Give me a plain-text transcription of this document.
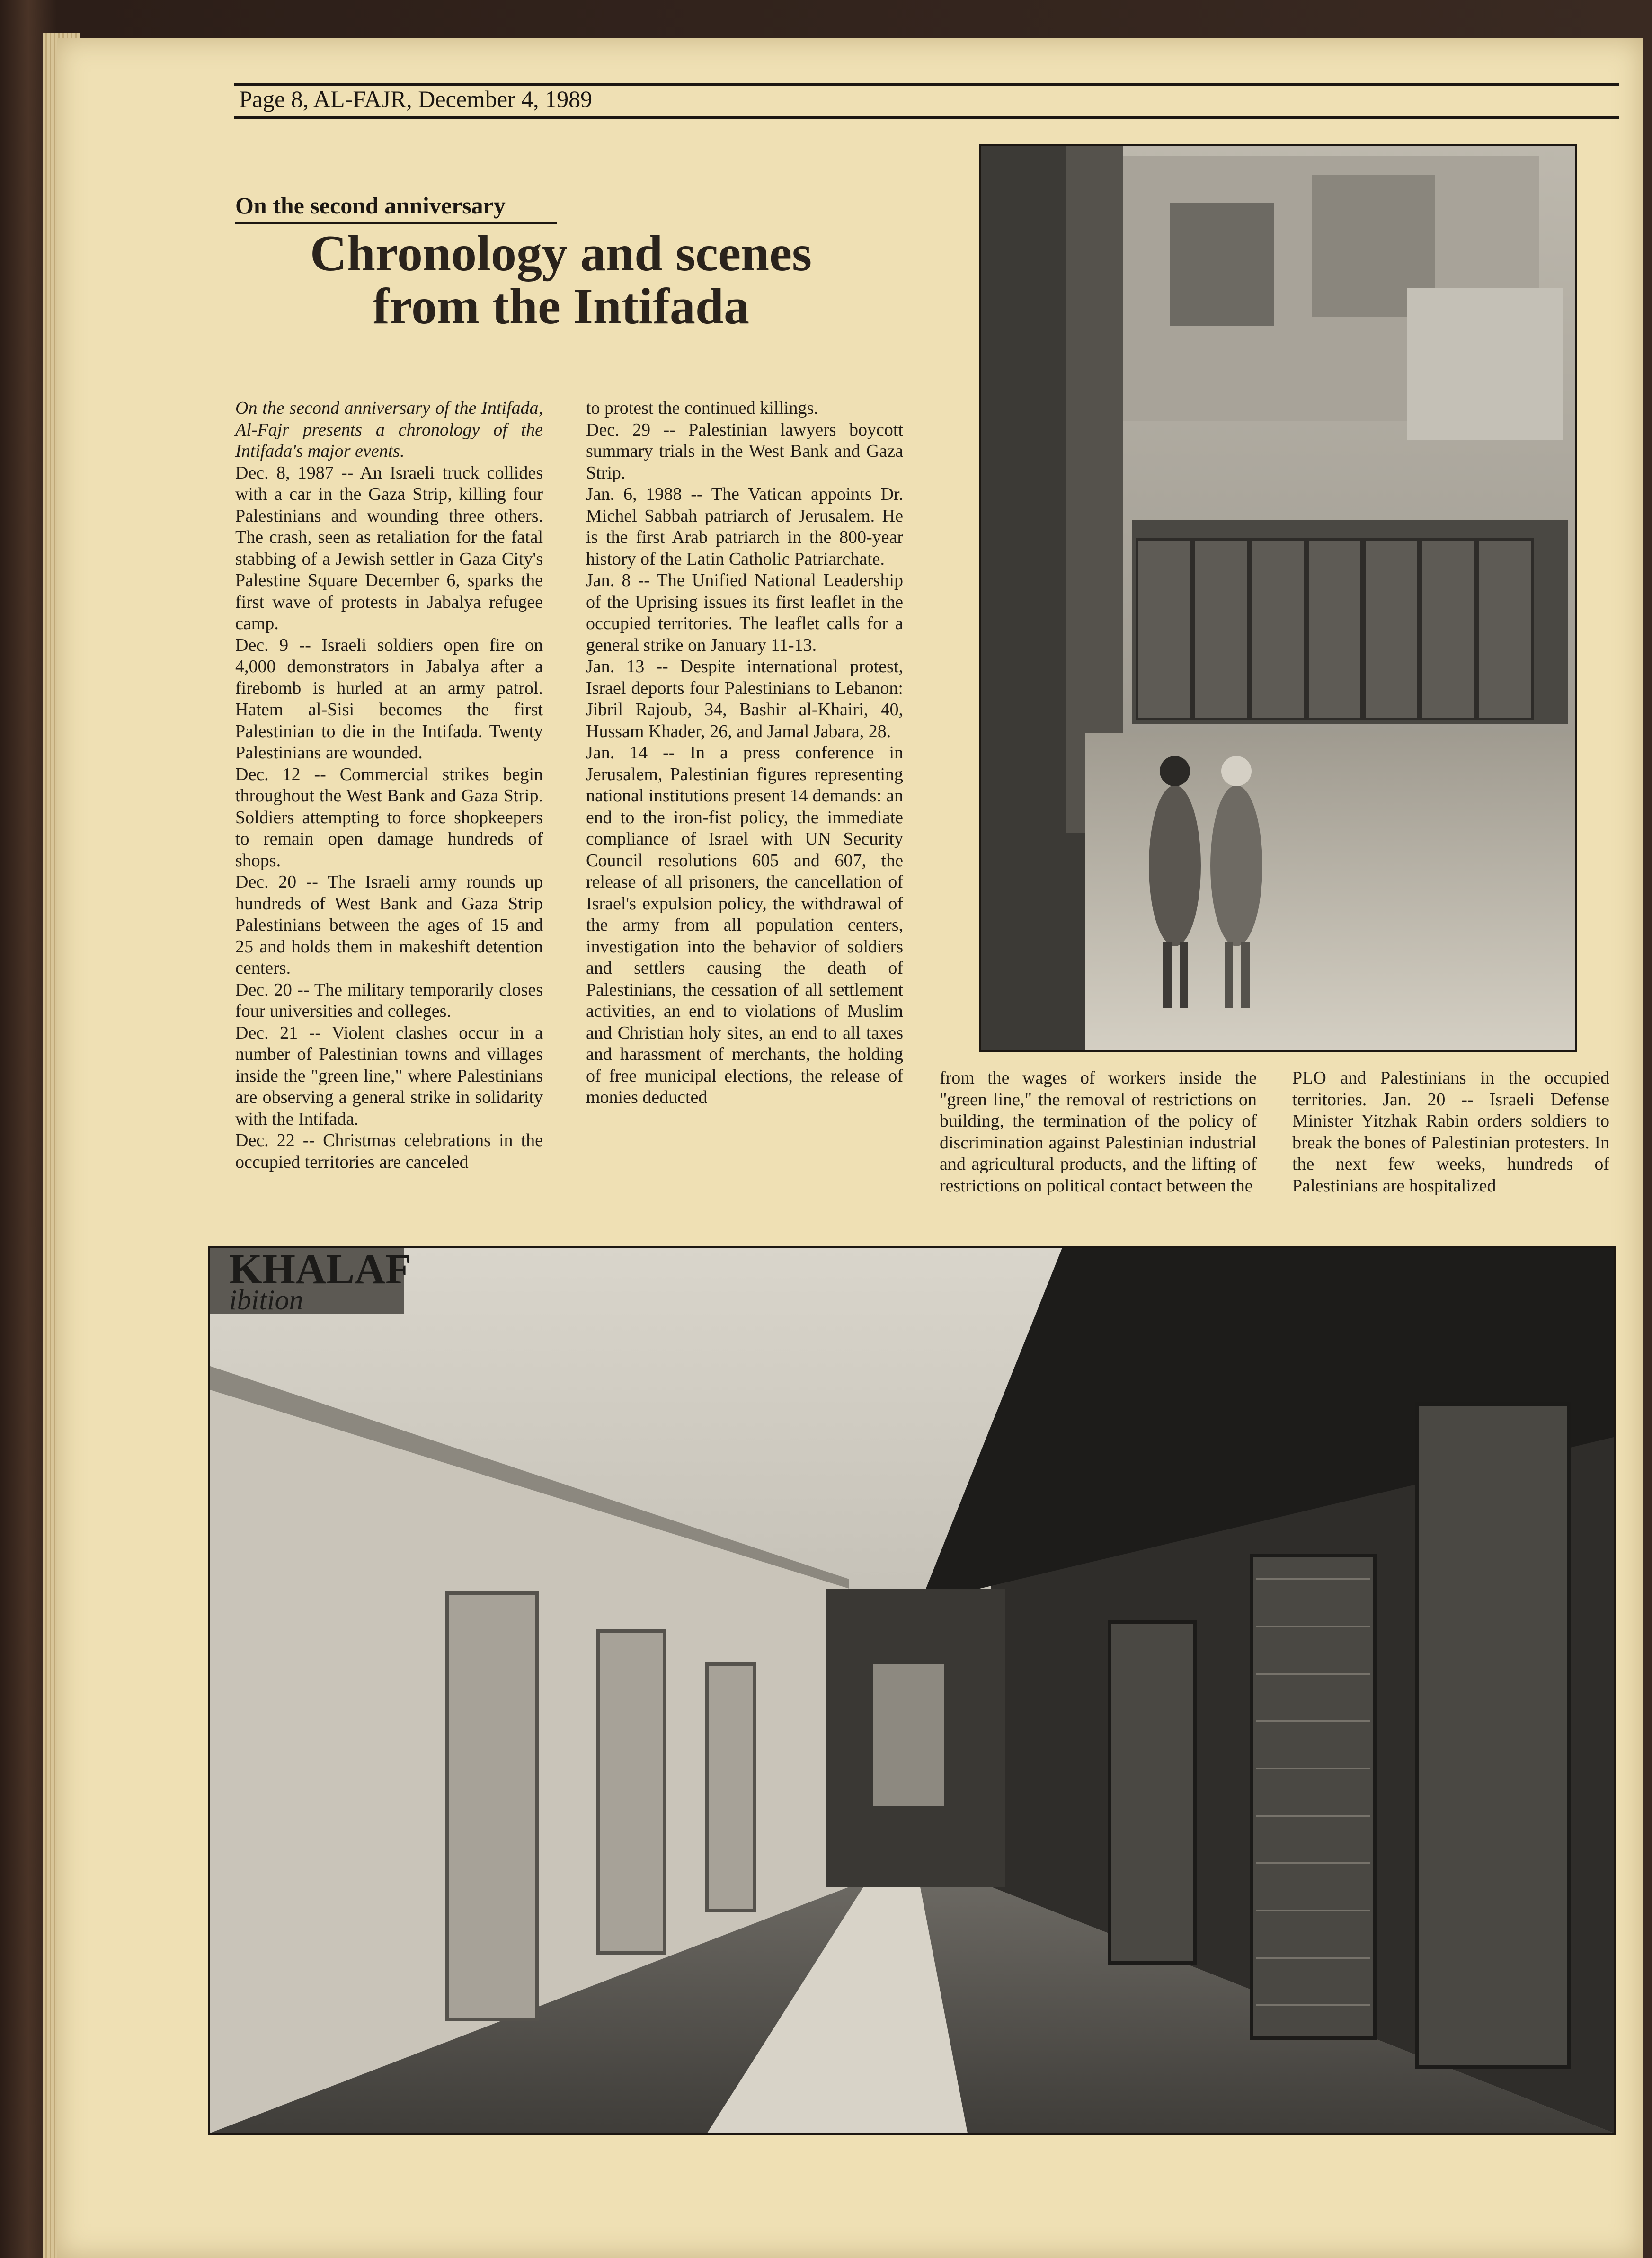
Page 8, AL-FAJR, December 4, 1989
On the second anniversary
Chronology and scenes
from the Intifada

On the second anniversary of the Intifada, Al-Fajr presents a chronology of the Intifada's major events.

Dec. 8, 1987 -- An Israeli truck collides with a car in the Gaza Strip, killing four Palestinians and wounding three others. The crash, seen as retaliation for the fatal stabbing of a Jewish settler in Gaza City's Palestine Square December 6, sparks the first wave of protests in Jabalya refugee camp.

Dec. 9 -- Israeli soldiers open fire on 4,000 demonstrators in Jabalya after a firebomb is hurled at an army patrol. Hatem al-Sisi becomes the first Palestinian to die in the Intifada. Twenty Palestinians are wounded.

Dec. 12 -- Commercial strikes begin throughout the West Bank and Gaza Strip. Soldiers attempting to force shopkeepers to remain open damage hundreds of shops.

Dec. 20 -- The Israeli army rounds up hundreds of West Bank and Gaza Strip Palestinians between the ages of 15 and 25 and holds them in makeshift detention centers.

Dec. 20 -- The military temporarily closes four universities and colleges.

Dec. 21 -- Violent clashes occur in a number of Palestinian towns and villages inside the "green line," where Palestinians are observing a general strike in solidarity with the Intifada.

Dec. 22 -- Christmas celebrations in the occupied territories are canceled

to protest the continued killings.

Dec. 29 -- Palestinian lawyers boycott summary trials in the West Bank and Gaza Strip.

Jan. 6, 1988 -- The Vatican appoints Dr. Michel Sabbah patriarch of Jerusalem. He is the first Arab patriarch in the 800-year history of the Latin Catholic Patriarchate.

Jan. 8 -- The Unified National Leadership of the Uprising issues its first leaflet in the occupied territories. The leaflet calls for a general strike on January 11-13.

Jan. 13 -- Despite international protest, Israel deports four Palestinians to Lebanon: Jibril Rajoub, 34, Bashir al-Khairi, 40, Hussam Khader, 26, and Jamal Jabara, 28.

Jan. 14 -- In a press conference in Jerusalem, Palestinian figures representing national institutions present 14 demands: an end to the iron-fist policy, the immediate compliance of Israel with UN Security Council resolutions 605 and 607, the release of all prisoners, the cancellation of Israel's expulsion policy, the withdrawal of the army from all population centers, investigation into the behavior of soldiers and settlers causing the death of Palestinians, the cessation of all settlement activities, an end to violations of Muslim and Christian holy sites, an end to all taxes and harassment of merchants, the holding of free municipal elections, the release of monies deducted

from the wages of workers inside the "green line," the removal of restrictions on building, the termination of the policy of discrimination against Palestinian industrial and agricultural products, and the lifting of restrictions on political contact between the

PLO and Palestinians in the occupied territories. Jan. 20 -- Israeli Defense Minister Yitzhak Rabin orders soldiers to break the bones of Palestinian protesters. In the next few weeks, hundreds of Palestinians are hospitalized

KHALAF
ibition
